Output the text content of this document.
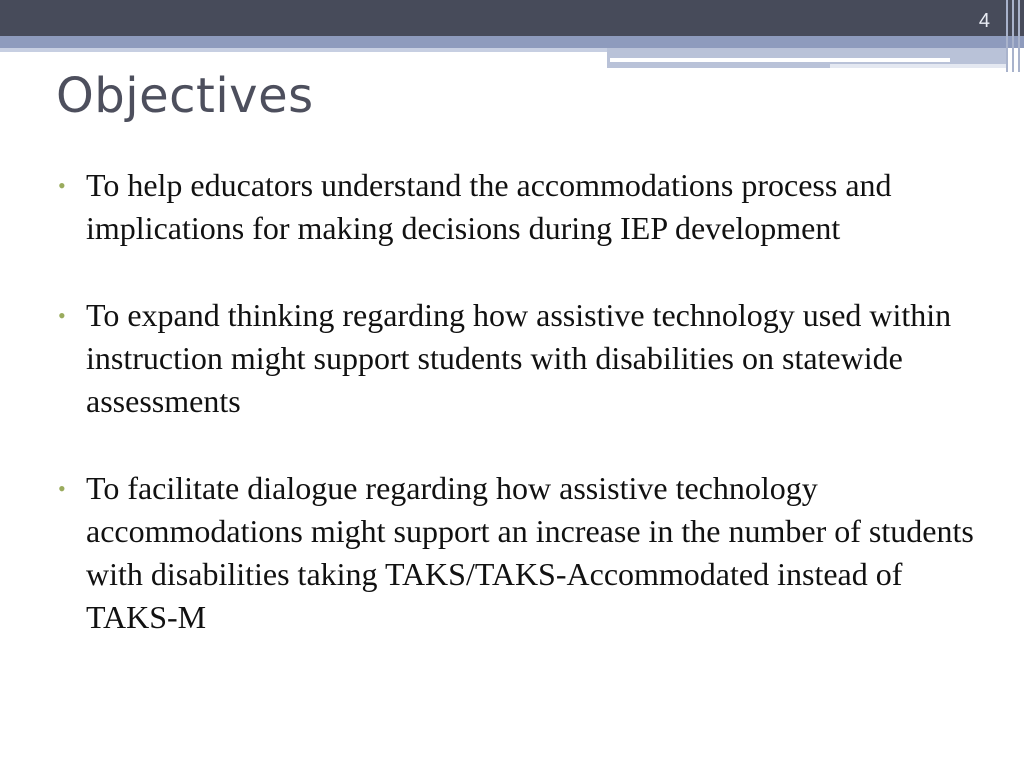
4
Objectives
• To help educators understand the accommodations process and implications for making decisions during IEP development
• To expand thinking regarding how assistive technology used within instruction might support students with disabilities on statewide assessments
• To facilitate dialogue regarding how assistive technology accommodations might support an increase in the number of students with disabilities taking TAKS/TAKS-Accommodated instead of TAKS-M
